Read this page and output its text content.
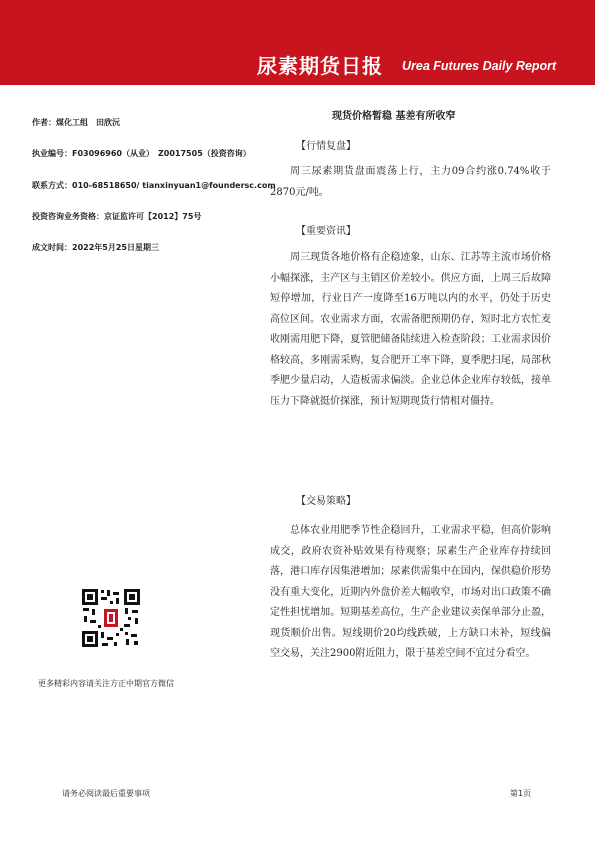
尿素期货日报 Urea Futures Daily Report
作者：煤化工组　田欣沅
执业编号：F03096960（从业）　Z0017505（投资咨询）
联系方式：010-68518650/ tianxinyuan1@foundersc.com
投资咨询业务资格：京证监许可【2012】75号
成文时间：2022年5月25日星期三
现货价格暂稳 基差有所收窄
【行情复盘】

周三尿素期货盘面震荡上行，主力09合约涨0.74%收于2870元/吨。

【重要资讯】

周三现货各地价格有企稳迹象，山东、江苏等主流市场价格小幅探涨，主产区与主销区价差较小。供应方面，上周三后故障短停增加，行业日产一度降至16万吨以内的水平，仍处于历史高位区间。农业需求方面，农需备肥预期仍存，短时北方农忙麦收刚需用肥下降，夏管肥储备陆续进入检查阶段；工业需求因价格较高，多刚需采购，复合肥开工率下降，夏季肥扫尾，局部秋季肥少量启动，人造板需求偏淡。企业总体企业库存较低，接单压力下降就挺价探涨，预计短期现货行情相对僵持。

【交易策略】

总体农业用肥季节性企稳回升，工业需求平稳，但高价影响成交，政府农资补贴效果有待观察；尿素生产企业库存持续回落，港口库存因集港增加；尿素供需集中在国内，保供稳价形势没有重大变化，近期内外盘价差大幅收窄，市场对出口政策不确定性担忧增加。短期基差高位，生产企业建议卖保单部分止盈，现货顺价出售。短线期价20均线跌破，上方缺口未补，短线偏空交易，关注2900附近阻力，限于基差空间不宜过分看空。

更多精彩内容请关注方正中期官方微信
请务必阅读最后重要事项	第1页
